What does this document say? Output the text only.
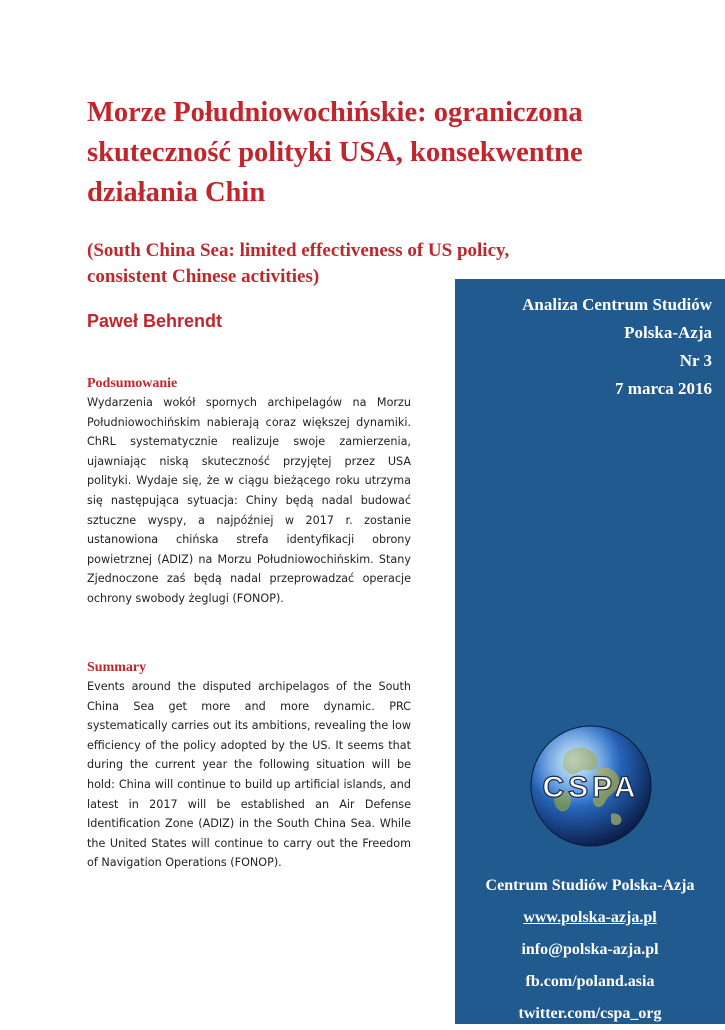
Morze Południowochińskie: ograniczona skuteczność polityki USA, konsekwentne działania Chin
(South China Sea: limited effectiveness of US policy, consistent Chinese activities)
Paweł Behrendt
Podsumowanie
Wydarzenia wokół spornych archipelagów na Morzu Południowochińskim nabierają coraz większej dynamiki. ChRL systematycznie realizuje swoje zamierzenia, ujawniając niską skuteczność przyjętej przez USA polityki. Wydaje się, że w ciągu bieżącego roku utrzyma się następująca sytuacja: Chiny będą nadal budować sztuczne wyspy, a najpóźniej w 2017 r. zostanie ustanowiona chińska strefa identyfikacji obrony powietrznej (ADIZ) na Morzu Południowochińskim. Stany Zjednoczone zaś będą nadal przeprowadzać operacje ochrony swobody żeglugi (FONOP).
Summary
Events around the disputed archipelagos of the South China Sea get more and more dynamic. PRC systematically carries out its ambitions, revealing the low efficiency of the policy adopted by the US. It seems that during the current year the following situation will be hold: China will continue to build up artificial islands, and latest in 2017 will be established an Air Defense Identification Zone (ADIZ) in the South China Sea. While the United States will continue to carry out the Freedom of Navigation Operations (FONOP).
Analiza Centrum Studiów
Polska-Azja
Nr 3
7 marca 2016
CSPA
Centrum Studiów Polska-Azja
www.polska-azja.pl
info@polska-azja.pl
fb.com/poland.asia
twitter.com/cspa_org
